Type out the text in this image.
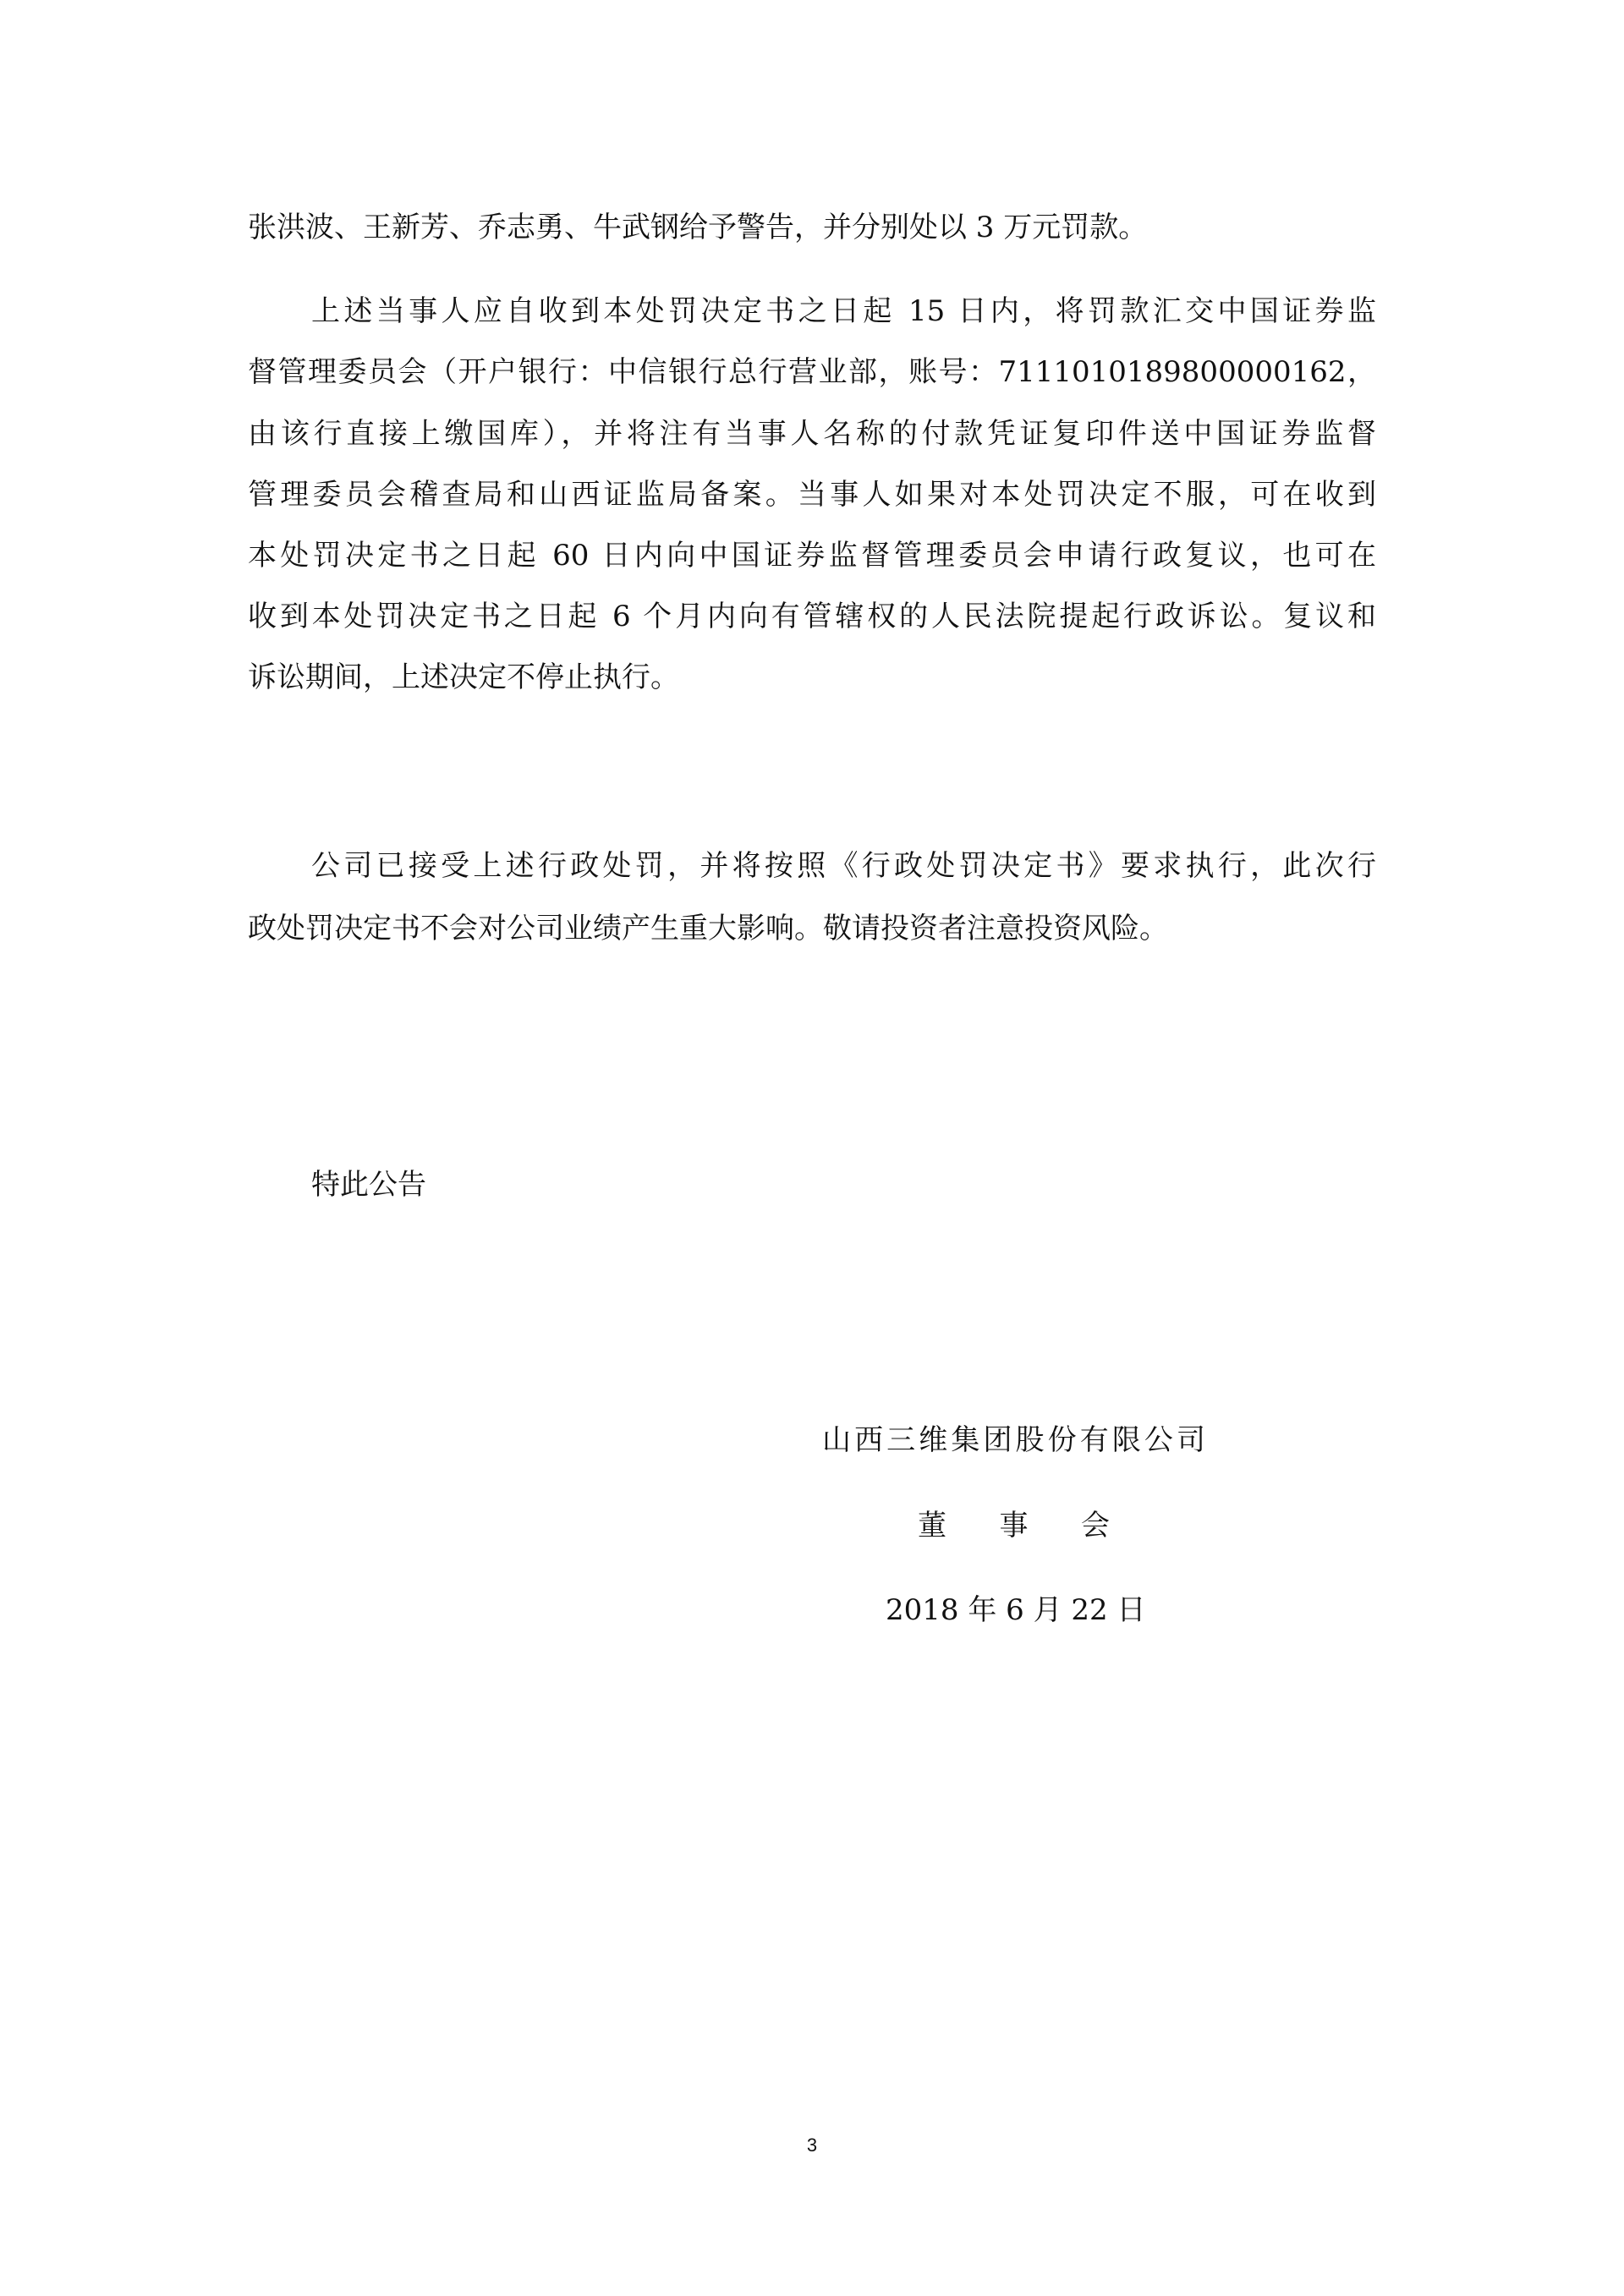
张洪波、王新芳、乔志勇、牛武钢给予警告，并分别处以 3 万元罚款。
上述当事人应自收到本处罚决定书之日起 15 日内，将罚款汇交中国证券监
督管理委员会（开户银行：中信银行总行营业部，账号：7111010189800000162，
由该行直接上缴国库），并将注有当事人名称的付款凭证复印件送中国证券监督
管理委员会稽查局和山西证监局备案。当事人如果对本处罚决定不服，可在收到
本处罚决定书之日起 60 日内向中国证券监督管理委员会申请行政复议，也可在
收到本处罚决定书之日起 6 个月内向有管辖权的人民法院提起行政诉讼。复议和
诉讼期间，上述决定不停止执行。
公司已接受上述行政处罚，并将按照《行政处罚决定书》要求执行，此次行
政处罚决定书不会对公司业绩产生重大影响。敬请投资者注意投资风险。
特此公告
山西三维集团股份有限公司
董 事 会
2018 年 6 月 22 日
3
